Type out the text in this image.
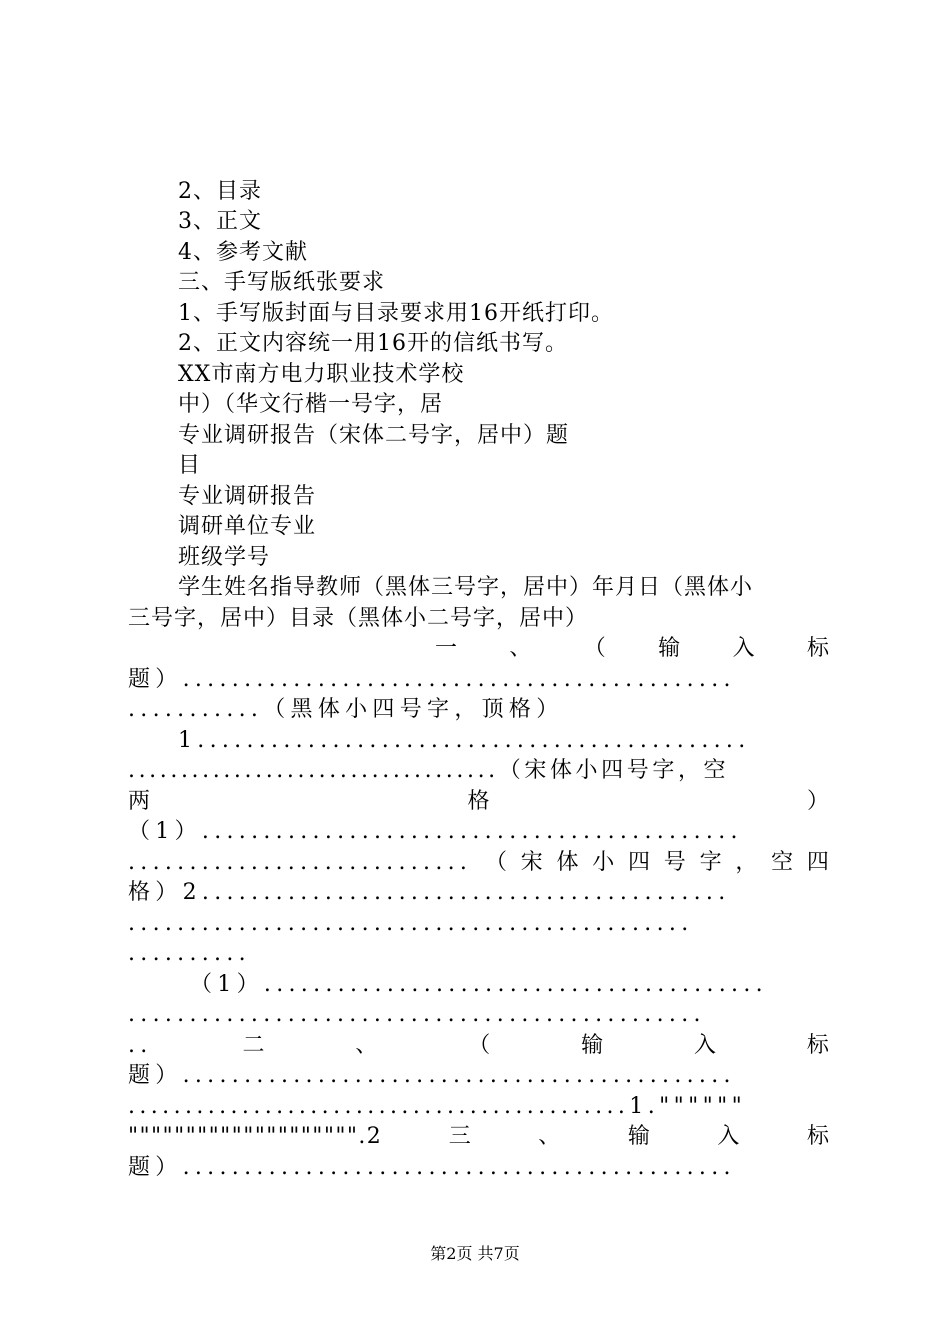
2、目录
3、正文
4、参考文献
三、手写版纸张要求
1、手写版封面与目录要求用16开纸打印。
2、正文内容统一用16开的信纸书写。
XX市南方电力职业技术学校
中）（华文行楷一号字，居
专业调研报告（宋体二号字，居中）题
目
专业调研报告
调研单位专业
班级学号
学生姓名指导教师（黑体三号字，居中）年月日（黑体小
三号字，居中）目录（黑体小二号字，居中）
一 、 （ 输 入 标
题）.............................................
...........（黑体小四号字，顶格）
1.............................................
...................................（宋体小四号字，空
两	格	）
（1）............................................
............................ （ 宋 体 小 四 号 字 ， 空 四
格）2...........................................
..............................................
..........
（1）.........................................
...............................................
..	二	、	（	输	入	标
题）.............................................
............................................1.""""""
"""""""""""""""""""".2	三	、	输	入	标
题）.............................................
第2页 共7页
